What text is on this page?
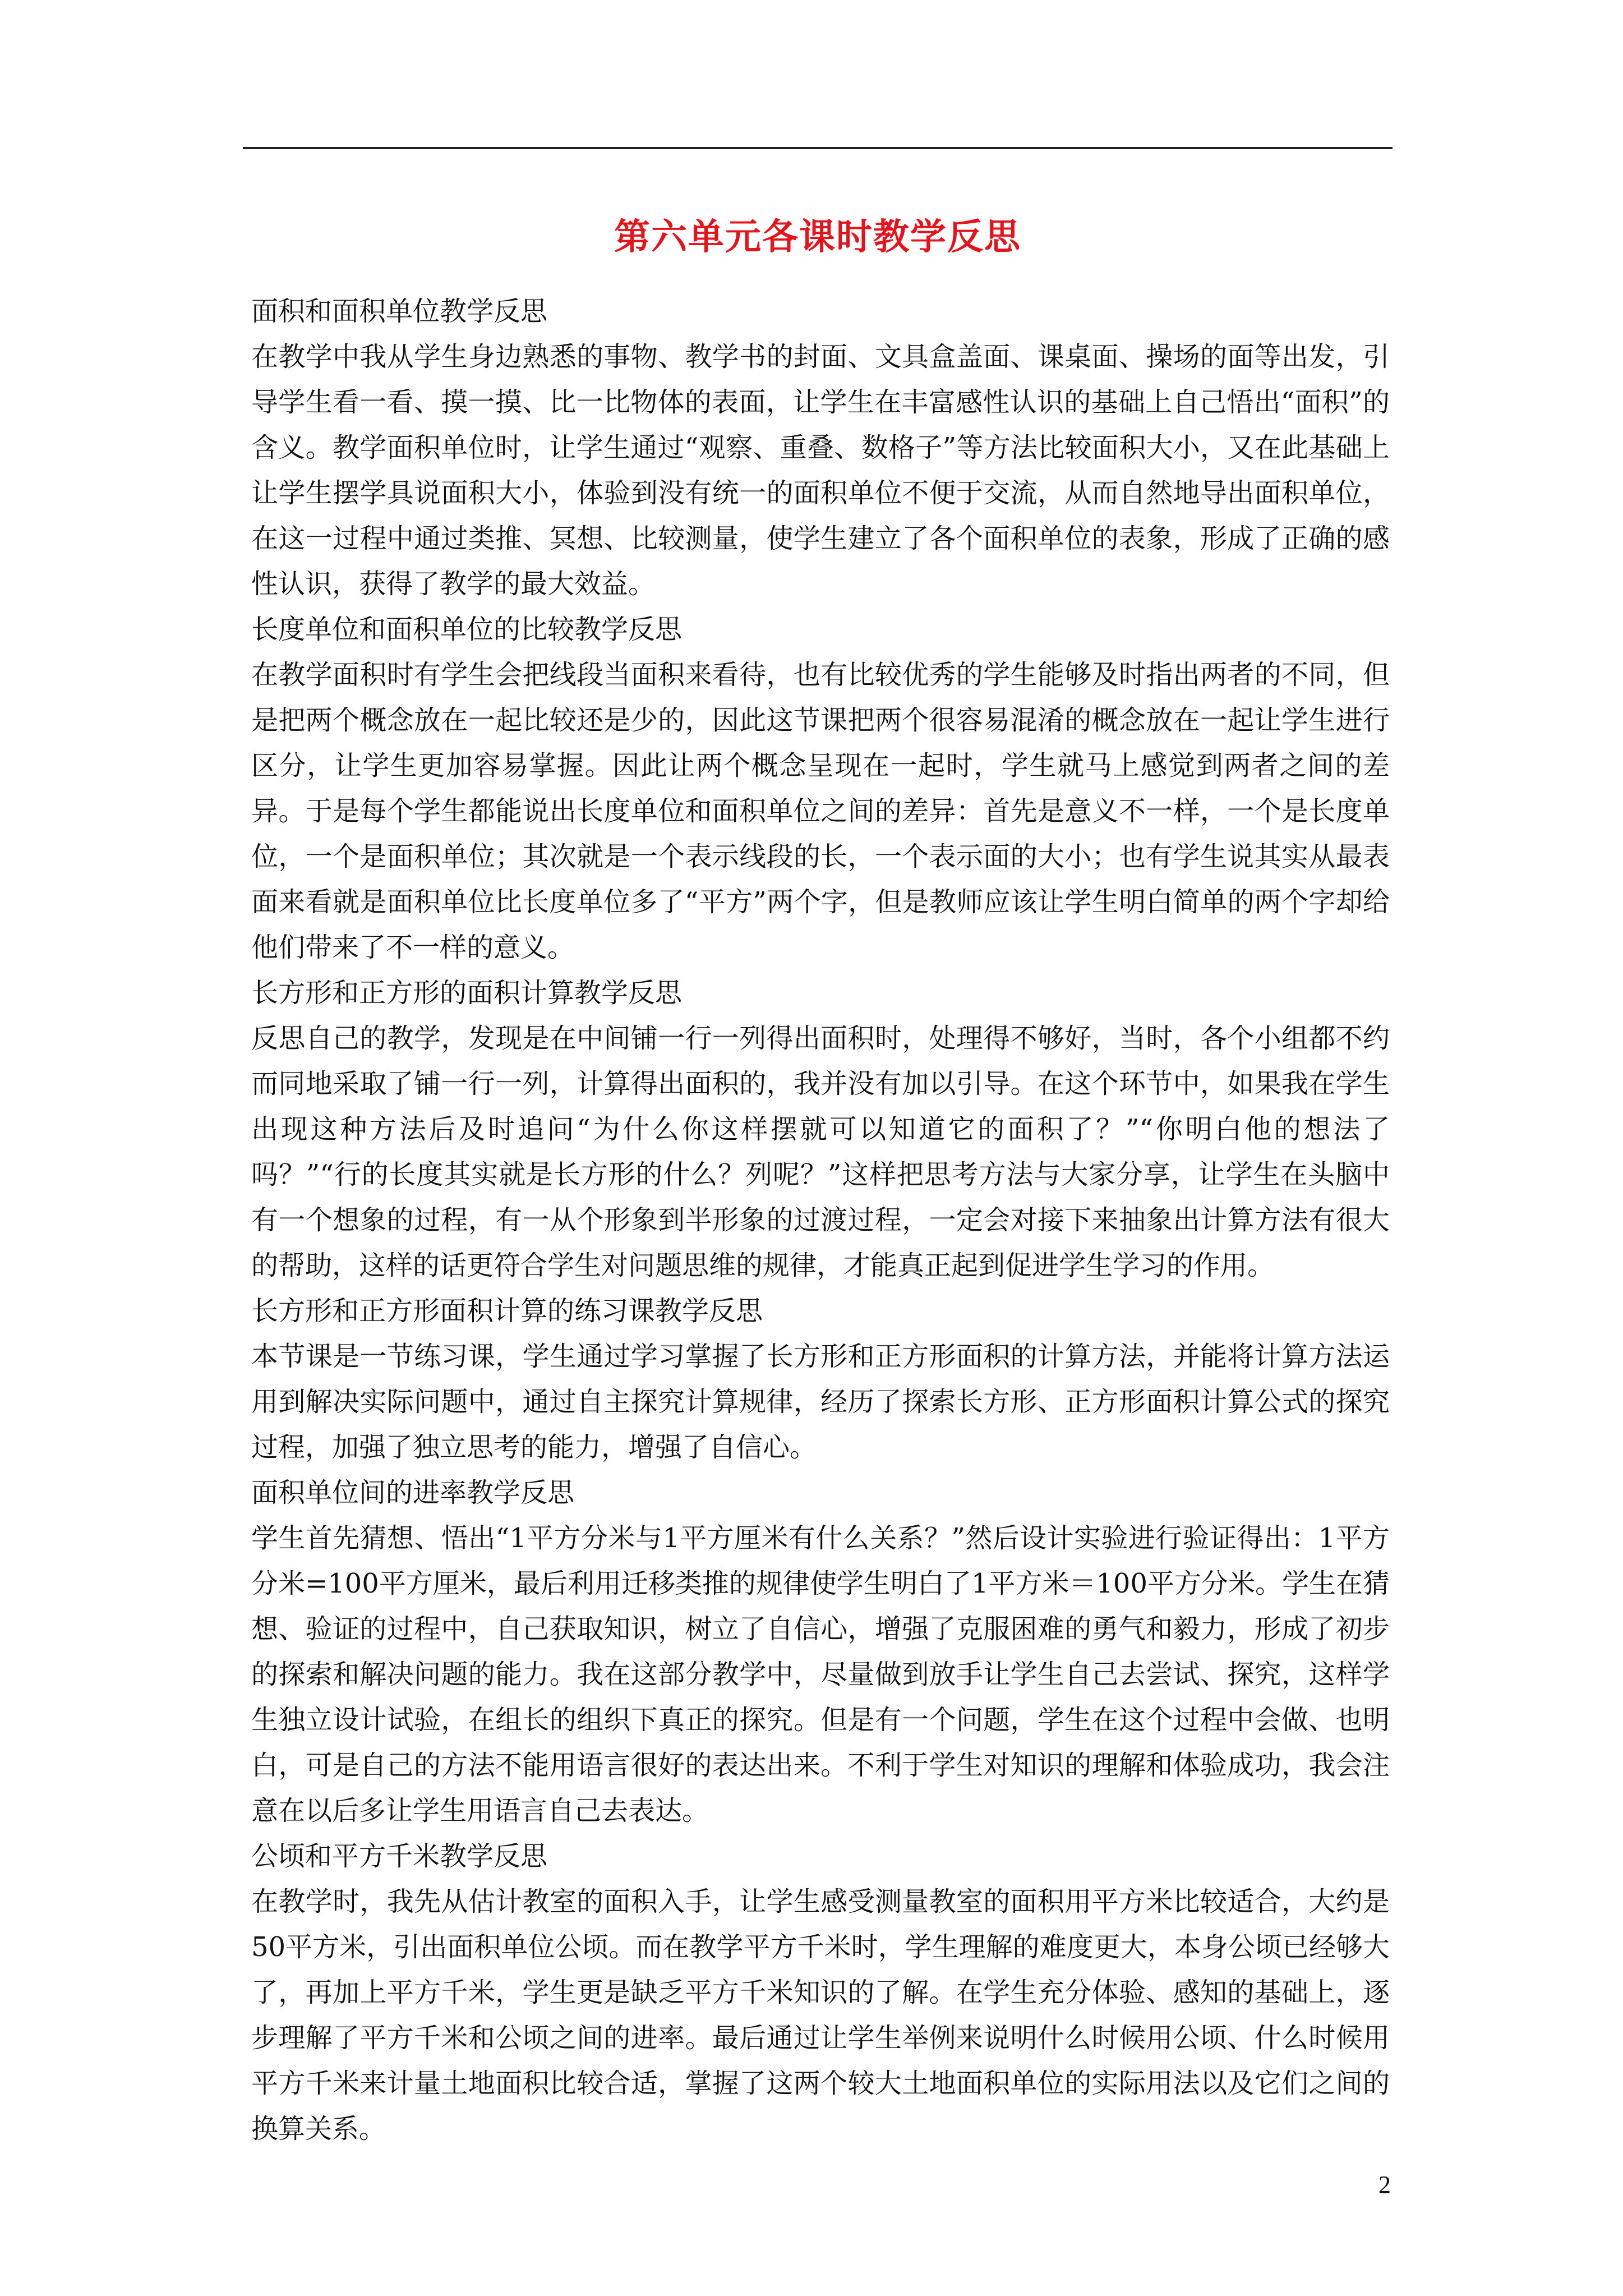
第六单元各课时教学反思

面积和面积单位教学反思

在教学中我从学生身边熟悉的事物、教学书的封面、文具盒盖面、课桌面、操场的面等出发，引导学生看一看、摸一摸、比一比物体的表面，让学生在丰富感性认识的基础上自己悟出“面积”的含义。教学面积单位时，让学生通过“观察、重叠、数格子”等方法比较面积大小，又在此基础上让学生摆学具说面积大小，体验到没有统一的面积单位不便于交流，从而自然地导出面积单位，在这一过程中通过类推、冥想、比较测量，使学生建立了各个面积单位的表象，形成了正确的感性认识，获得了教学的最大效益。

长度单位和面积单位的比较教学反思

在教学面积时有学生会把线段当面积来看待，也有比较优秀的学生能够及时指出两者的不同，但是把两个概念放在一起比较还是少的，因此这节课把两个很容易混淆的概念放在一起让学生进行区分，让学生更加容易掌握。因此让两个概念呈现在一起时，学生就马上感觉到两者之间的差异。于是每个学生都能说出长度单位和面积单位之间的差异：首先是意义不一样，一个是长度单位，一个是面积单位；其次就是一个表示线段的长，一个表示面的大小；也有学生说其实从最表面来看就是面积单位比长度单位多了“平方”两个字，但是教师应该让学生明白简单的两个字却给他们带来了不一样的意义。

长方形和正方形的面积计算教学反思

反思自己的教学，发现是在中间铺一行一列得出面积时，处理得不够好，当时，各个小组都不约而同地采取了铺一行一列，计算得出面积的，我并没有加以引导。在这个环节中，如果我在学生出现这种方法后及时追问“为什么你这样摆就可以知道它的面积了？”“你明白他的想法了吗？”“行的长度其实就是长方形的什么？列呢？”这样把思考方法与大家分享，让学生在头脑中有一个想象的过程，有一从个形象到半形象的过渡过程，一定会对接下来抽象出计算方法有很大的帮助，这样的话更符合学生对问题思维的规律，才能真正起到促进学生学习的作用。

长方形和正方形面积计算的练习课教学反思

本节课是一节练习课，学生通过学习掌握了长方形和正方形面积的计算方法，并能将计算方法运用到解决实际问题中，通过自主探究计算规律，经历了探索长方形、正方形面积计算公式的探究过程，加强了独立思考的能力，增强了自信心。

面积单位间的进率教学反思

学生首先猜想、悟出“1平方分米与1平方厘米有什么关系？”然后设计实验进行验证得出：1平方分米=100平方厘米，最后利用迁移类推的规律使学生明白了1平方米＝100平方分米。学生在猜想、验证的过程中，自己获取知识，树立了自信心，增强了克服困难的勇气和毅力，形成了初步的探索和解决问题的能力。我在这部分教学中，尽量做到放手让学生自己去尝试、探究，这样学生独立设计试验，在组长的组织下真正的探究。但是有一个问题，学生在这个过程中会做、也明白，可是自己的方法不能用语言很好的表达出来。不利于学生对知识的理解和体验成功，我会注意在以后多让学生用语言自己去表达。

公顷和平方千米教学反思

在教学时，我先从估计教室的面积入手，让学生感受测量教室的面积用平方米比较适合，大约是50平方米，引出面积单位公顷。而在教学平方千米时，学生理解的难度更大，本身公顷已经够大了，再加上平方千米，学生更是缺乏平方千米知识的了解。在学生充分体验、感知的基础上，逐步理解了平方千米和公顷之间的进率。最后通过让学生举例来说明什么时候用公顷、什么时候用平方千米来计量土地面积比较合适，掌握了这两个较大土地面积单位的实际用法以及它们之间的换算关系。

2
